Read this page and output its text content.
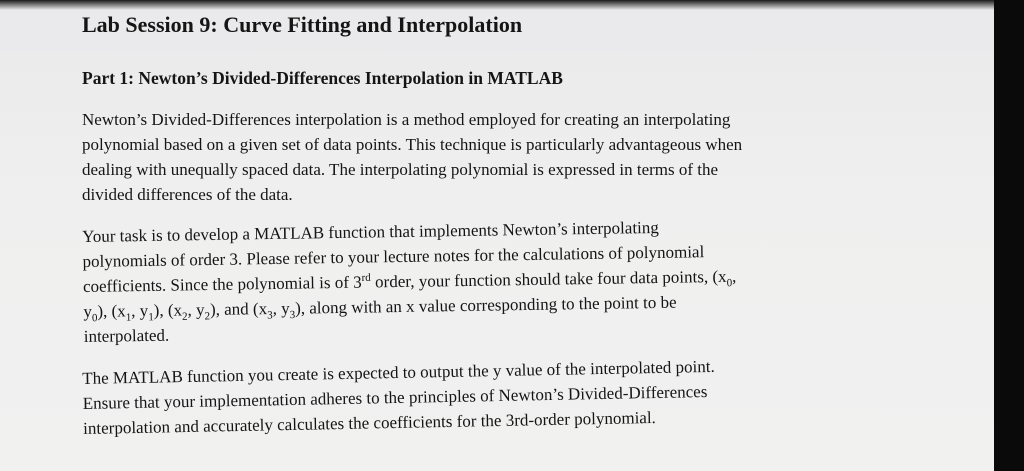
Lab Session 9: Curve Fitting and Interpolation
Part 1: Newton’s Divided-Differences Interpolation in MATLAB
Newton’s Divided-Differences interpolation is a method employed for creating an interpolating
polynomial based on a given set of data points. This technique is particularly advantageous when
dealing with unequally spaced data. The interpolating polynomial is expressed in terms of the
divided differences of the data.
Your task is to develop a MATLAB function that implements Newton’s interpolating
polynomials of order 3. Please refer to your lecture notes for the calculations of polynomial
coefficients. Since the polynomial is of 3rd order, your function should take four data points, ($x_0$,
$y_0$), ($x_1$, $y_1$), ($x_2$, $y_2$), and ($x_3$, $y_3$), along with an x value corresponding to the point to be
interpolated.
The MATLAB function you create is expected to output the y value of the interpolated point.
Ensure that your implementation adheres to the principles of Newton’s Divided-Differences
interpolation and accurately calculates the coefficients for the 3rd-order polynomial.
